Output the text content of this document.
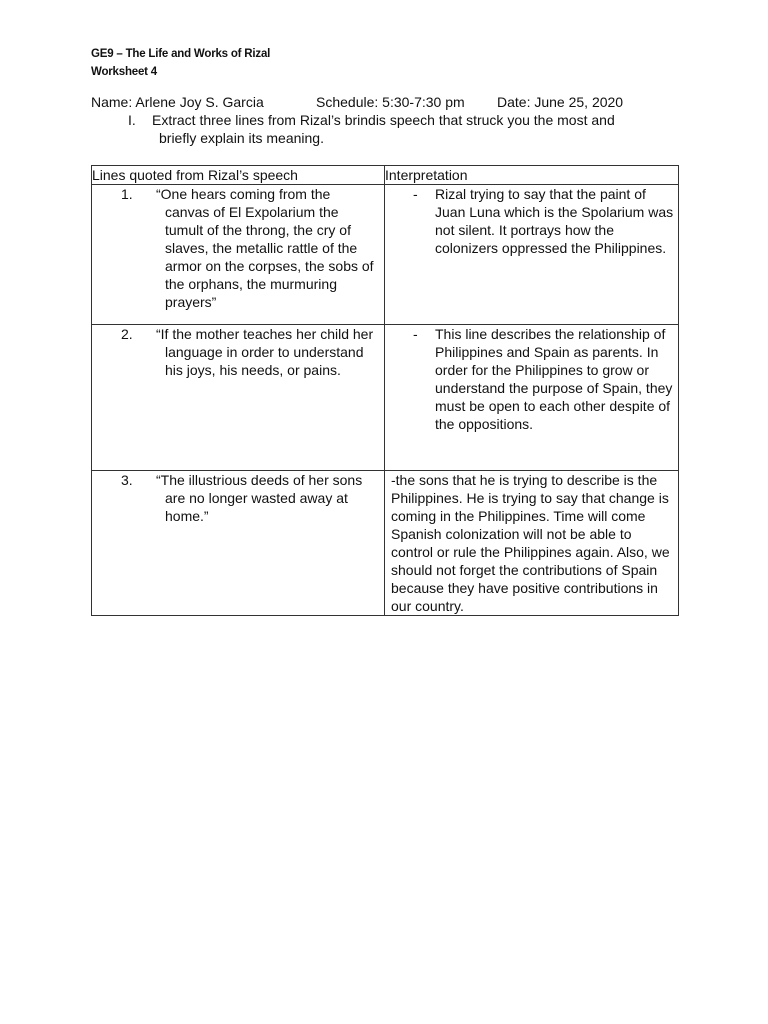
GE9 – The Life and Works of Rizal
Worksheet 4
Name: Arlene Joy S. Garcia	Schedule: 5:30-7:30 pm Date: June 25, 2020
I. Extract three lines from Rizal’s brindis speech that struck you the most and
briefly explain its meaning.
Lines quoted from Rizal’s speech	Interpretation

1. “One hears coming from the canvas of El Expolarium the tumult of the throng, the cry of slaves, the metallic rattle of the armor on the corpses, the sobs of the orphans, the murmuring prayers”	- Rizal trying to say that the paint of Juan Luna which is the Spolarium was not silent. It portrays how the colonizers oppressed the Philippines.

2. “If the mother teaches her child her language in order to understand his joys, his needs, or pains.	- This line describes the relationship of Philippines and Spain as parents. In order for the Philippines to grow or understand the purpose of Spain, they must be open to each other despite of the oppositions.

3. “The illustrious deeds of her sons are no longer wasted away at home.”	-the sons that he is trying to describe is the Philippines. He is trying to say that change is coming in the Philippines. Time will come Spanish colonization will not be able to control or rule the Philippines again. Also, we should not forget the contributions of Spain because they have positive contributions in our country.
